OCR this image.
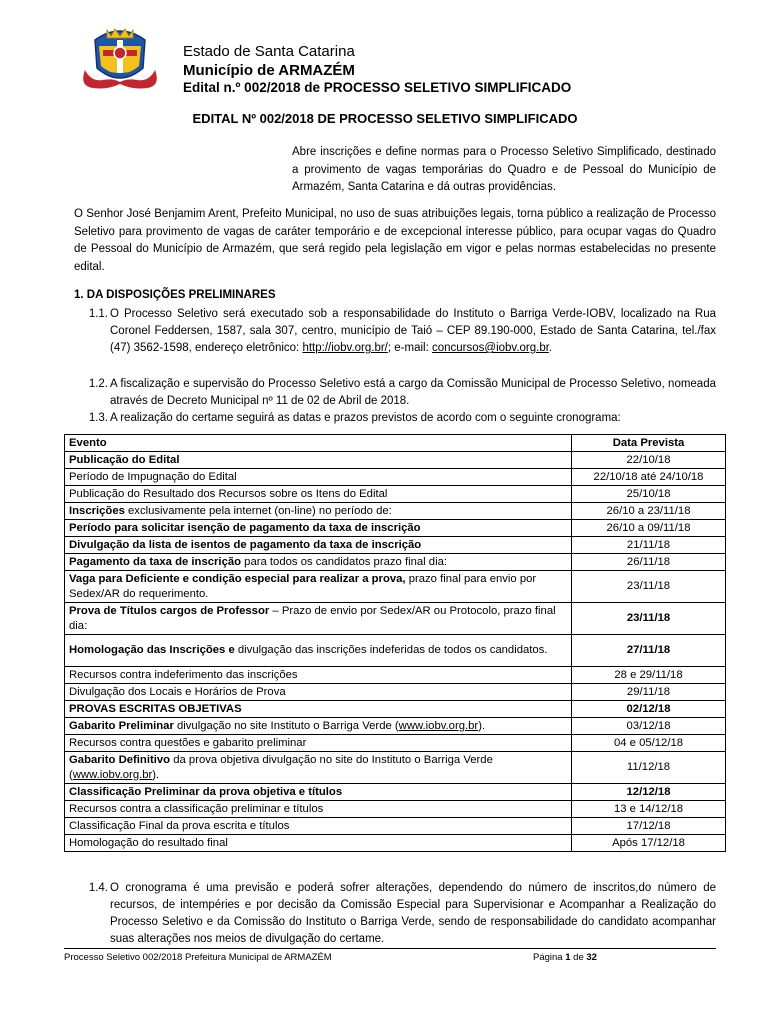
Estado de Santa Catarina
Município de ARMAZÉM
Edital n.º 002/2018 de PROCESSO SELETIVO SIMPLIFICADO
EDITAL Nº 002/2018 DE PROCESSO SELETIVO SIMPLIFICADO
Abre inscrições e define normas para o Processo Seletivo Simplificado, destinado a provimento de vagas temporárias do Quadro e de Pessoal do Município de Armazém, Santa Catarina e dá outras providências.
O Senhor José Benjamim Arent, Prefeito Municipal, no uso de suas atribuições legais, torna público a realização de Processo Seletivo para provimento de vagas de caráter temporário e de excepcional interesse público, para ocupar vagas do Quadro de Pessoal do Município de Armazém, que será regido pela legislação em vigor e pelas normas estabelecidas no presente edital.
1. DA DISPOSIÇÕES PRELIMINARES
1.1. O Processo Seletivo será executado sob a responsabilidade do Instituto o Barriga Verde-IOBV, localizado na Rua Coronel Feddersen, 1587, sala 307, centro, município de Taió – CEP 89.190-000, Estado de Santa Catarina, tel./fax (47) 3562-1598, endereço eletrônico: http://iobv.org.br/; e-mail: concursos@iobv.org.br.
1.2. A fiscalização e supervisão do Processo Seletivo está a cargo da Comissão Municipal de Processo Seletivo, nomeada através de Decreto Municipal nº 11 de 02 de Abril de 2018.
1.3. A realização do certame seguirá as datas e prazos previstos de acordo com o seguinte cronograma:
Evento	Data Prevista
Publicação do Edital	22/10/18
Período de Impugnação do Edital	22/10/18 até 24/10/18
Publicação do Resultado dos Recursos sobre os Itens do Edital	25/10/18
Inscrições exclusivamente pela internet (on-line) no período de:	26/10 a 23/11/18
Período para solicitar isenção de pagamento da taxa de inscrição	26/10 a 09/11/18
Divulgação da lista de isentos de pagamento da taxa de inscrição	21/11/18
Pagamento da taxa de inscrição para todos os candidatos prazo final dia:	26/11/18
Vaga para Deficiente e condição especial para realizar a prova, prazo final para envio por Sedex/AR do requerimento.	23/11/18
Prova de Títulos cargos de Professor – Prazo de envio por Sedex/AR ou Protocolo, prazo final dia:	23/11/18
Homologação das Inscrições e divulgação das inscrições indeferidas de todos os candidatos.	27/11/18
Recursos contra indeferimento das inscrições	28 e 29/11/18
Divulgação dos Locais e Horários de Prova	29/11/18
PROVAS ESCRITAS OBJETIVAS	02/12/18
Gabarito Preliminar divulgação no site Instituto o Barriga Verde (www.iobv.org.br).	03/12/18
Recursos contra questões e gabarito preliminar	04 e 05/12/18
Gabarito Definitivo da prova objetiva divulgação no site do Instituto o Barriga Verde (www.iobv.org.br).	11/12/18
Classificação Preliminar da prova objetiva e títulos	12/12/18
Recursos contra a classificação preliminar e títulos	13 e 14/12/18
Classificação Final da prova escrita e títulos	17/12/18
Homologação do resultado final	Após 17/12/18
1.4. O cronograma é uma previsão e poderá sofrer alterações, dependendo do número de inscritos,do número de recursos, de intempéries e por decisão da Comissão Especial para Supervisionar e Acompanhar a Realização do Processo Seletivo e da Comissão do Instituto o Barriga Verde, sendo de responsabilidade do candidato acompanhar suas alterações nos meios de divulgação do certame.
Processo Seletivo 002/2018 Prefeitura Municipal de ARMAZÉM	Página 1 de 32
